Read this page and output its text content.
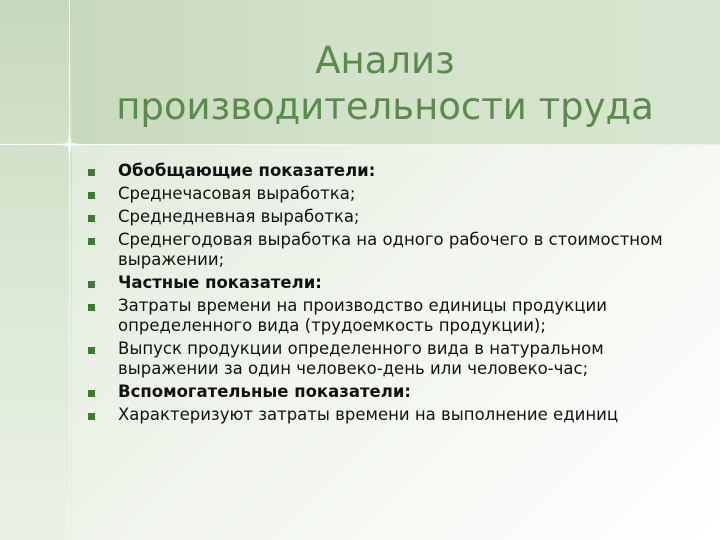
Анализ
производительности труда
Обобщающие показатели:
Среднечасовая выработка;
Среднедневная выработка;
Среднегодовая выработка на одного рабочего в стоимостном выражении;
Частные показатели:
Затраты времени на производство единицы продукции определенного вида (трудоемкость продукции);
Выпуск продукции определенного вида в натуральном выражении за один человеко-день или человеко-час;
Вспомогательные показатели:
Характеризуют затраты времени на выполнение единиц
